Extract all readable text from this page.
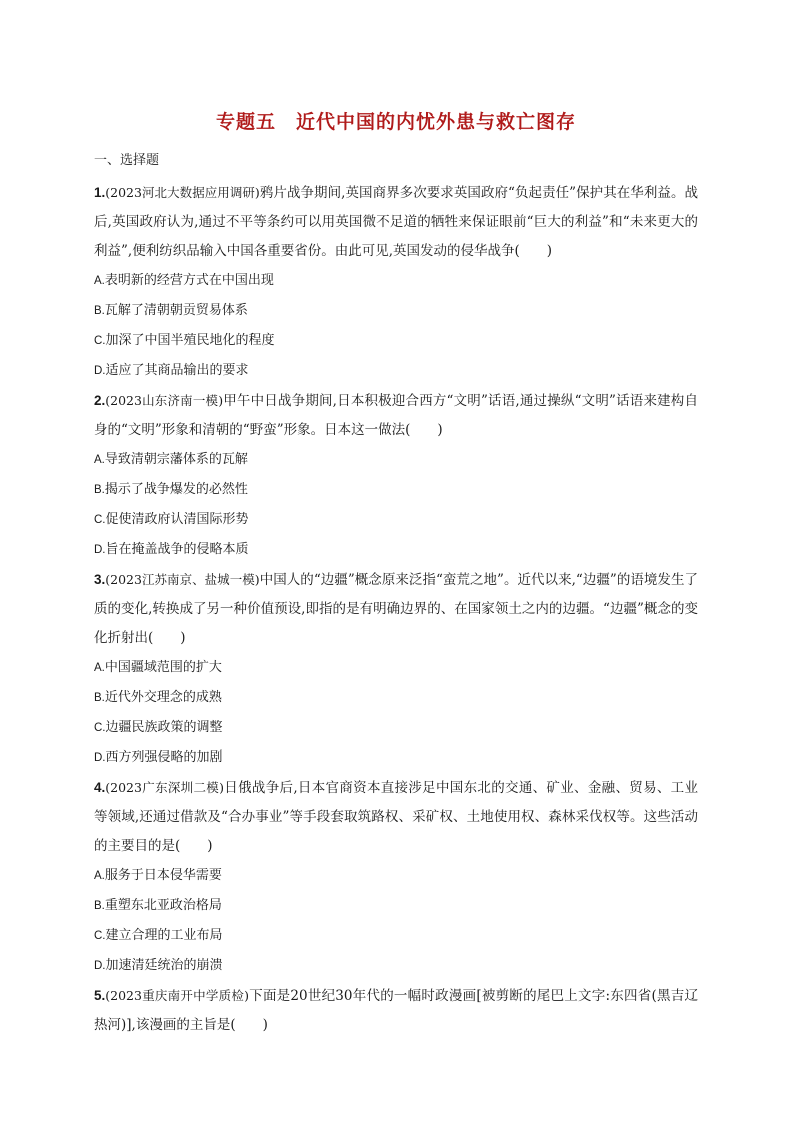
专题五　近代中国的内忧外患与救亡图存

一、选择题

1.(2023河北大数据应用调研)鸦片战争期间,英国商界多次要求英国政府“负起责任”保护其在华利益。战后,英国政府认为,通过不平等条约可以用英国微不足道的牺牲来保证眼前“巨大的利益”和“未来更大的利益”,便利纺织品输入中国各重要省份。由此可见,英国发动的侵华战争(　　)

A.表明新的经营方式在中国出现

B.瓦解了清朝朝贡贸易体系

C.加深了中国半殖民地化的程度

D.适应了其商品输出的要求

2.(2023山东济南一模)甲午中日战争期间,日本积极迎合西方“文明”话语,通过操纵“文明”话语来建构自身的“文明”形象和清朝的“野蛮”形象。日本这一做法(　　)

A.导致清朝宗藩体系的瓦解

B.揭示了战争爆发的必然性

C.促使清政府认清国际形势

D.旨在掩盖战争的侵略本质

3.(2023江苏南京、盐城一模)中国人的“边疆”概念原来泛指“蛮荒之地”。近代以来,“边疆”的语境发生了质的变化,转换成了另一种价值预设,即指的是有明确边界的、在国家领土之内的边疆。“边疆”概念的变化折射出(　　)

A.中国疆域范围的扩大

B.近代外交理念的成熟

C.边疆民族政策的调整

D.西方列强侵略的加剧

4.(2023广东深圳二模)日俄战争后,日本官商资本直接涉足中国东北的交通、矿业、金融、贸易、工业等领域,还通过借款及“合办事业”等手段套取筑路权、采矿权、土地使用权、森林采伐权等。这些活动的主要目的是(　　)

A.服务于日本侵华需要

B.重塑东北亚政治格局

C.建立合理的工业布局

D.加速清廷统治的崩溃

5.(2023重庆南开中学质检)下面是20世纪30年代的一幅时政漫画[被剪断的尾巴上文字:东四省(黑吉辽热河)],该漫画的主旨是(　　)
